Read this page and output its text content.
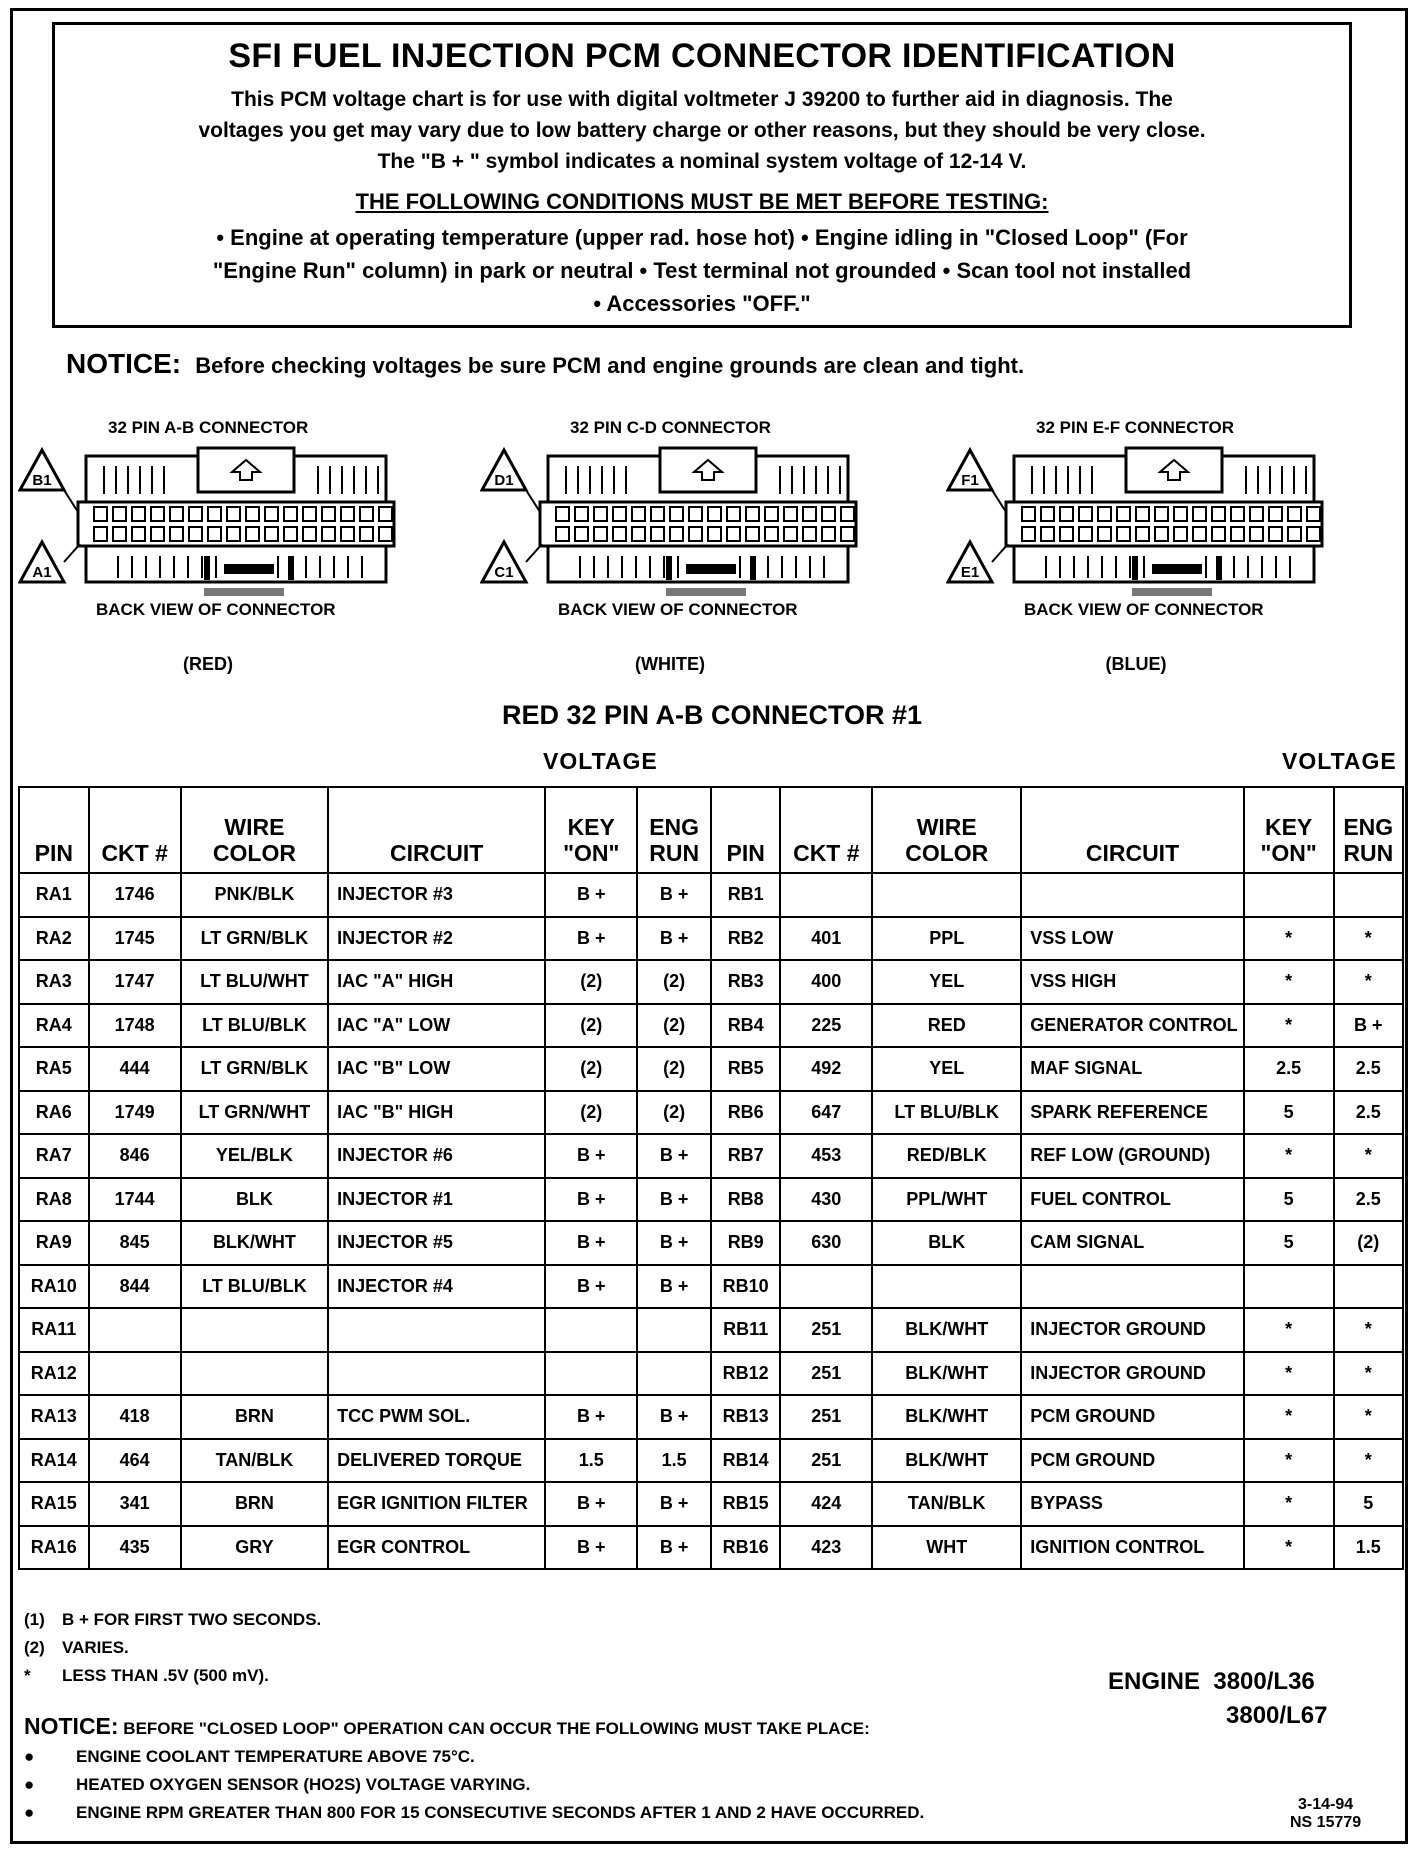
SFI FUEL INJECTION PCM CONNECTOR IDENTIFICATION
This PCM voltage chart is for use with digital voltmeter J 39200 to further aid in diagnosis. The
voltages you get may vary due to low battery charge or other reasons, but they should be very close.
The "B + " symbol indicates a nominal system voltage of 12-14 V.
THE FOLLOWING CONDITIONS MUST BE MET BEFORE TESTING:
• Engine at operating temperature (upper rad. hose hot) • Engine idling in "Closed Loop" (For
"Engine Run" column) in park or neutral • Test terminal not grounded • Scan tool not installed
• Accessories "OFF."
NOTICE: Before checking voltages be sure PCM and engine grounds are clean and tight.
32 PIN A-B CONNECTOR
B1
A1
BACK VIEW OF CONNECTOR
(RED)
32 PIN C-D CONNECTOR
D1
C1
BACK VIEW OF CONNECTOR
(WHITE)
32 PIN E-F CONNECTOR
F1
E1
BACK VIEW OF CONNECTOR
(BLUE)
RED 32 PIN A-B CONNECTOR #1
VOLTAGE	VOLTAGE
PIN	CKT #	WIRE COLOR	CIRCUIT	KEY "ON"	ENG RUN
RA1	1746	PNK/BLK	INJECTOR #3	B +	B +
RA2	1745	LT GRN/BLK	INJECTOR #2	B +	B +
RA3	1747	LT BLU/WHT	IAC "A" HIGH	(2)	(2)
RA4	1748	LT BLU/BLK	IAC "A" LOW	(2)	(2)
RA5	444	LT GRN/BLK	IAC "B" LOW	(2)	(2)
RA6	1749	LT GRN/WHT	IAC "B" HIGH	(2)	(2)
RA7	846	YEL/BLK	INJECTOR #6	B +	B +
RA8	1744	BLK	INJECTOR #1	B +	B +
RA9	845	BLK/WHT	INJECTOR #5	B +	B +
RA10	844	LT BLU/BLK	INJECTOR #4	B +	B +
RA11					
RA12					
RA13	418	BRN	TCC PWM SOL.	B +	B +
RA14	464	TAN/BLK	DELIVERED TORQUE	1.5	1.5
RA15	341	BRN	EGR IGNITION FILTER	B +	B +
RA16	435	GRY	EGR CONTROL	B +	B +
PIN	CKT #	WIRE COLOR	CIRCUIT	KEY "ON"	ENG RUN
RB1					
RB2	401	PPL	VSS LOW	*	*
RB3	400	YEL	VSS HIGH	*	*
RB4	225	RED	GENERATOR CONTROL	*	B +
RB5	492	YEL	MAF SIGNAL	2.5	2.5
RB6	647	LT BLU/BLK	SPARK REFERENCE	5	2.5
RB7	453	RED/BLK	REF LOW (GROUND)	*	*
RB8	430	PPL/WHT	FUEL CONTROL	5	2.5
RB9	630	BLK	CAM SIGNAL	5	(2)
RB10					
RB11	251	BLK/WHT	INJECTOR GROUND	*	*
RB12	251	BLK/WHT	INJECTOR GROUND	*	*
RB13	251	BLK/WHT	PCM GROUND	*	*
RB14	251	BLK/WHT	PCM GROUND	*	*
RB15	424	TAN/BLK	BYPASS	*	5
RB16	423	WHT	IGNITION CONTROL	*	1.5
(1) B + FOR FIRST TWO SECONDS.
(2) VARIES.
* LESS THAN .5V (500 mV).	ENGINE 3800/L36
3800/L67
NOTICE: BEFORE "CLOSED LOOP" OPERATION CAN OCCUR THE FOLLOWING MUST TAKE PLACE:
● ENGINE COOLANT TEMPERATURE ABOVE 75°C.
● HEATED OXYGEN SENSOR (HO2S) VOLTAGE VARYING.
● ENGINE RPM GREATER THAN 800 FOR 15 CONSECUTIVE SECONDS AFTER 1 AND 2 HAVE OCCURRED.	3-14-94
NS 15779
